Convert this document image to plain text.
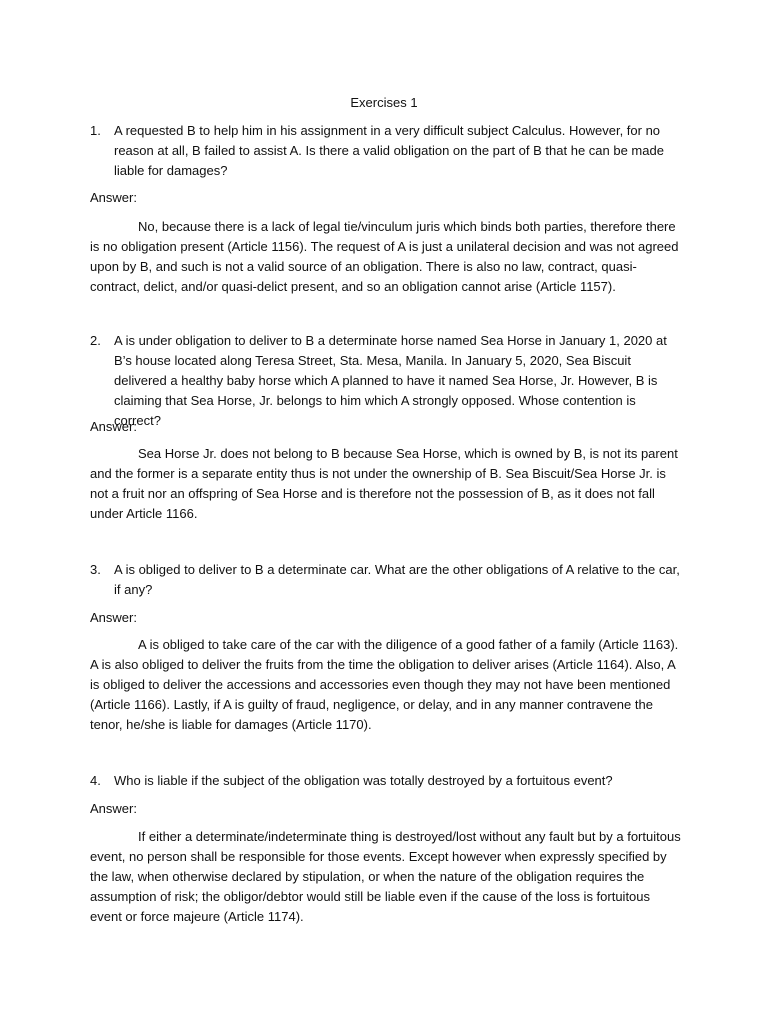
Exercises 1
1.	A requested B to help him in his assignment in a very difficult subject Calculus. However, for no reason at all, B failed to assist A. Is there a valid obligation on the part of B that he can be made liable for damages?
Answer:
No, because there is a lack of legal tie/vinculum juris which binds both parties, therefore there is no obligation present (Article 1156). The request of A is just a unilateral decision and was not agreed upon by B, and such is not a valid source of an obligation. There is also no law, contract, quasi-contract, delict, and/or quasi-delict present, and so an obligation cannot arise (Article 1157).
2.	A is under obligation to deliver to B a determinate horse named Sea Horse in January 1, 2020 at B’s house located along Teresa Street, Sta. Mesa, Manila. In January 5, 2020, Sea Biscuit delivered a healthy baby horse which A planned to have it named Sea Horse, Jr. However, B is claiming that Sea Horse, Jr. belongs to him which A strongly opposed. Whose contention is correct?
Answer:
Sea Horse Jr. does not belong to B because Sea Horse, which is owned by B, is not its parent and the former is a separate entity thus is not under the ownership of B. Sea Biscuit/Sea Horse Jr. is not a fruit nor an offspring of Sea Horse and is therefore not the possession of B, as it does not fall under Article 1166.
3.	A is obliged to deliver to B a determinate car. What are the other obligations of A relative to the car, if any?
Answer:
A is obliged to take care of the car with the diligence of a good father of a family (Article 1163). A is also obliged to deliver the fruits from the time the obligation to deliver arises (Article 1164). Also, A is obliged to deliver the accessions and accessories even though they may not have been mentioned (Article 1166). Lastly, if A is guilty of fraud, negligence, or delay, and in any manner contravene the tenor, he/she is liable for damages (Article 1170).
4.	Who is liable if the subject of the obligation was totally destroyed by a fortuitous event?
Answer:
If either a determinate/indeterminate thing is destroyed/lost without any fault but by a fortuitous event, no person shall be responsible for those events. Except however when expressly specified by the law, when otherwise declared by stipulation, or when the nature of the obligation requires the assumption of risk; the obligor/debtor would still be liable even if the cause of the loss is fortuitous event or force majeure (Article 1174).
